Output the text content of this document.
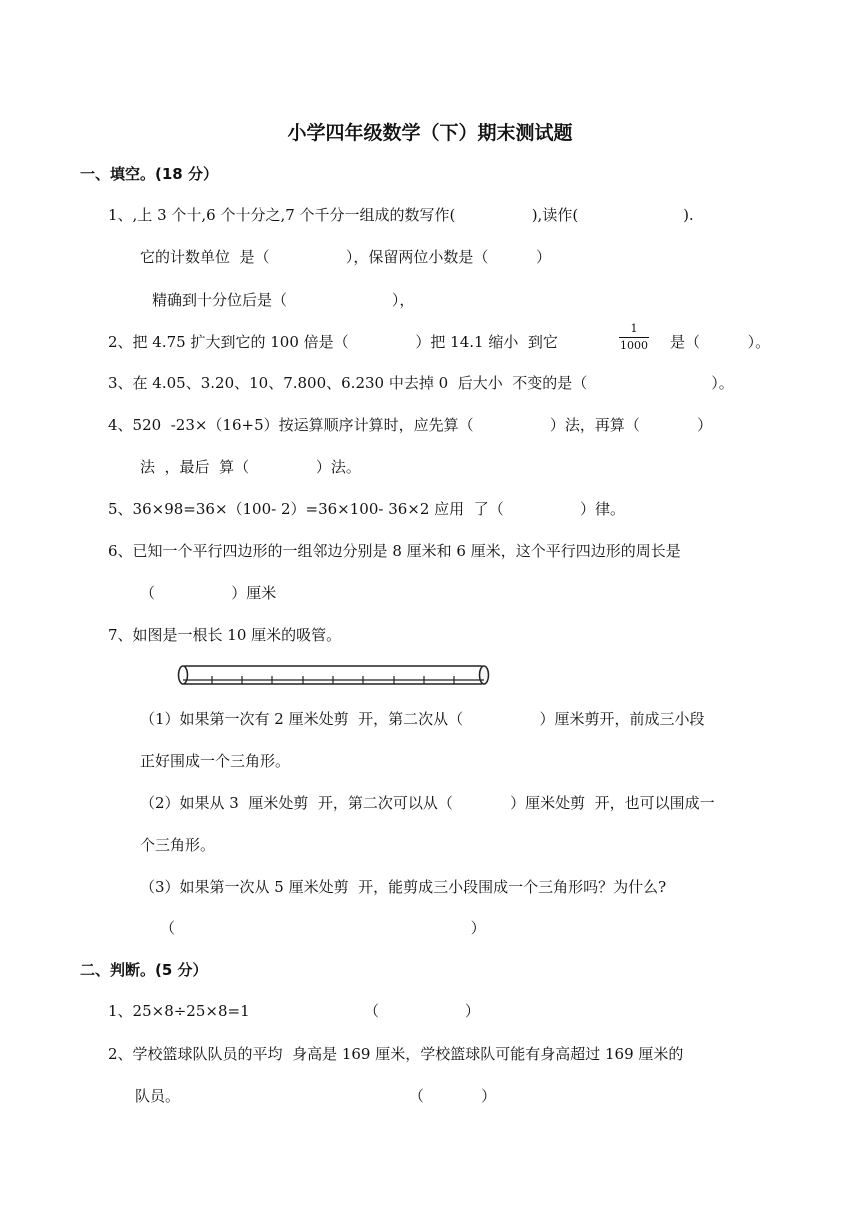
小学四年级数学（下）期末测试题
一、填空。(18 分）
1、,上 3 个十,6 个十分之,7 个千分一组成的数写作(                ),读作(                      ).
它的计数单位  是（                ），保留两位小数是（          ）
精确到十分位后是（                      ），
2、把 4.75 扩大到它的 100 倍是（              ）把 14.1 缩小  到它
1
1000 是（          ）。
3、在 4.05、3.20、10、7.800、6.230 中去掉 0  后大小  不变的是（                          ）。
4、520  -23×（16+5）按运算顺序计算时，应先算（                ）法，再算（            ）
法  ，最后  算（              ）法。
5、36×98=36×（100- 2）=36×100- 36×2 应用  了（                ）律。
6、已知一个平行四边形的一组邻边分别是 8 厘米和 6 厘米，这个平行四边形的周长是
（                ）厘米
7、如图是一根长 10 厘米的吸管。
（1）如果第一次有 2 厘米处剪  开，第二次从（                ）厘米剪开，前成三小段
正好围成一个三角形。
（2）如果从 3  厘米处剪  开，第二次可以从（            ）厘米处剪  开，也可以围成一
个三角形。
（3）如果第一次从 5 厘米处剪  开，能剪成三小段围成一个三角形吗？为什么?
（                                                              ）
二、判断。(5 分）
1、25×8÷25×8=1                        （                  ）
2、学校篮球队队员的平均  身高是 169 厘米，学校篮球队可能有身高超过 169 厘米的
队员。                                                （            ）
